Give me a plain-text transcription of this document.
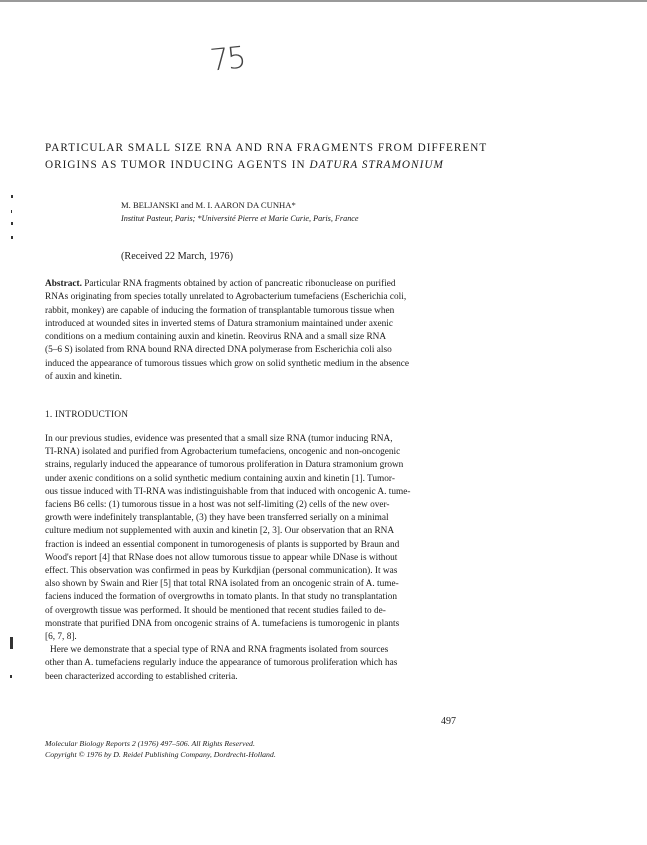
75
PARTICULAR SMALL SIZE RNA AND RNA FRAGMENTS FROM DIFFERENT
ORIGINS AS TUMOR INDUCING AGENTS IN DATURA STRAMONIUM
M. BELJANSKI and M. I. AARON DA CUNHA*
Institut Pasteur, Paris; *Université Pierre et Marie Curie, Paris, France
(Received 22 March, 1976)
Abstract. Particular RNA fragments obtained by action of pancreatic ribonuclease on purified
RNAs originating from species totally unrelated to Agrobacterium tumefaciens (Escherichia coli,
rabbit, monkey) are capable of inducing the formation of transplantable tumorous tissue when
introduced at wounded sites in inverted stems of Datura stramonium maintained under axenic
conditions on a medium containing auxin and kinetin. Reovirus RNA and a small size RNA
(5–6 S) isolated from RNA bound RNA directed DNA polymerase from Escherichia coli also
induced the appearance of tumorous tissues which grow on solid synthetic medium in the absence
of auxin and kinetin.
1. INTRODUCTION
In our previous studies, evidence was presented that a small size RNA (tumor inducing RNA,
TI-RNA) isolated and purified from Agrobacterium tumefaciens, oncogenic and non-oncogenic
strains, regularly induced the appearance of tumorous proliferation in Datura stramonium grown
under axenic conditions on a solid synthetic medium containing auxin and kinetin [1]. Tumor-
ous tissue induced with TI-RNA was indistinguishable from that induced with oncogenic A. tume-
faciens B6 cells: (1) tumorous tissue in a host was not self-limiting (2) cells of the new over-
growth were indefinitely transplantable, (3) they have been transferred serially on a minimal
culture medium not supplemented with auxin and kinetin [2, 3]. Our observation that an RNA
fraction is indeed an essential component in tumorogenesis of plants is supported by Braun and
Wood's report [4] that RNase does not allow tumorous tissue to appear while DNase is without
effect. This observation was confirmed in peas by Kurkdjian (personal communication). It was
also shown by Swain and Rier [5] that total RNA isolated from an oncogenic strain of A. tume-
faciens induced the formation of overgrowths in tomato plants. In that study no transplantation
of overgrowth tissue was performed. It should be mentioned that recent studies failed to de-
monstrate that purified DNA from oncogenic strains of A. tumefaciens is tumorogenic in plants
[6, 7, 8].
Here we demonstrate that a special type of RNA and RNA fragments isolated from sources
other than A. tumefaciens regularly induce the appearance of tumorous proliferation which has
been characterized according to established criteria.
497
Molecular Biology Reports 2 (1976) 497–506. All Rights Reserved.
Copyright © 1976 by D. Reidel Publishing Company, Dordrecht-Holland.
